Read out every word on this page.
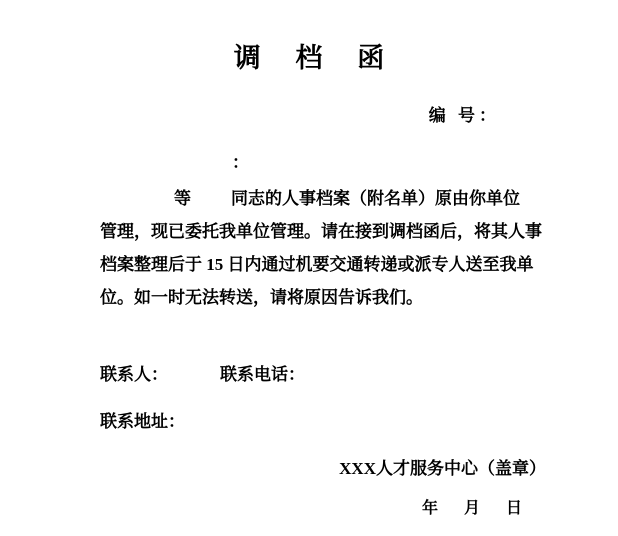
调 档 函
编 号：
：
等 同志的人事档案（附名单）原由你单位
管理，现已委托我单位管理。请在接到调档函后，将其人事
档案整理后于 15 日内通过机要交通转递或派专人送至我单
位。如一时无法转送，请将原因告诉我们。
联系人：	联系电话：
联系地址：
XXX人才服务中心（盖章）
年 月 日
